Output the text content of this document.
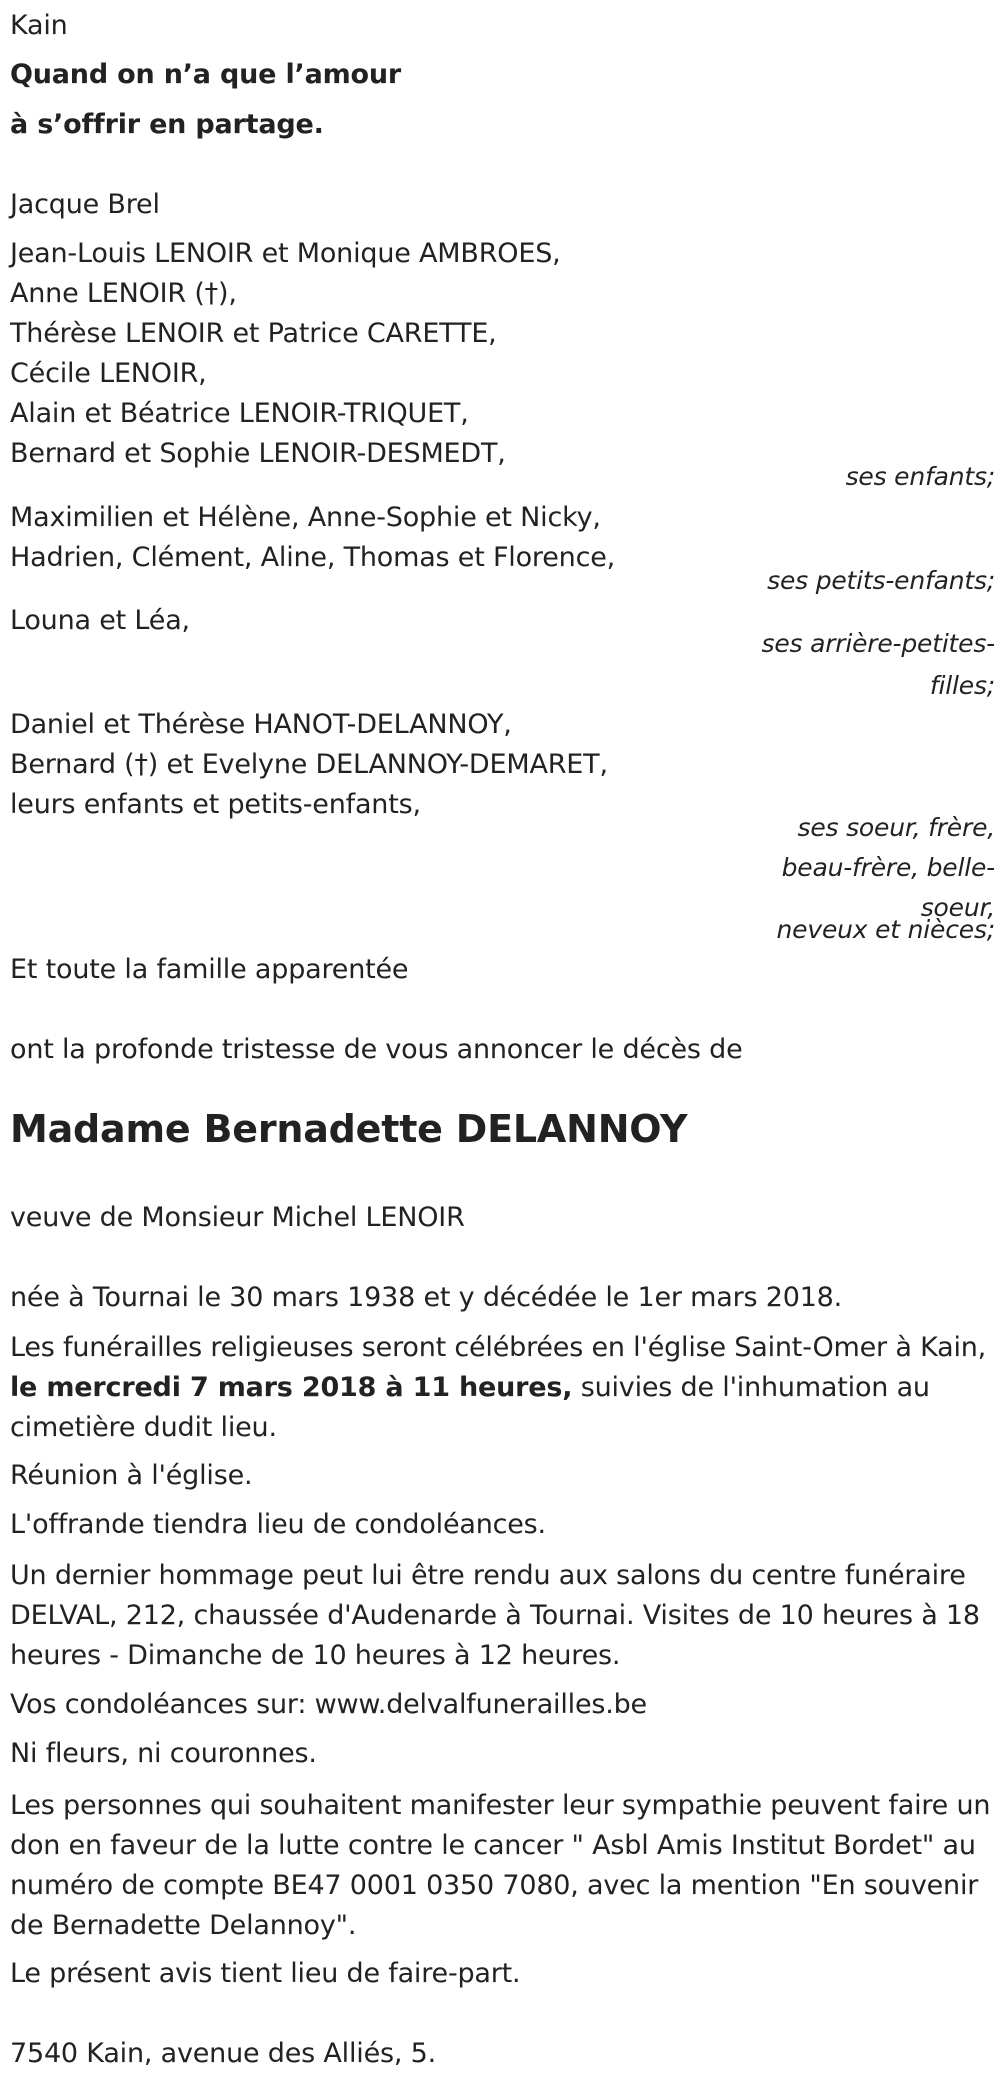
Kain
Quand on n’a que l’amour
à s’offrir en partage.
Jacque Brel
Jean-Louis LENOIR et Monique AMBROES,
Anne LENOIR (†),
Thérèse LENOIR et Patrice CARETTE,
Cécile LENOIR,
Alain et Béatrice LENOIR-TRIQUET,
Bernard et Sophie LENOIR-DESMEDT,
ses enfants;
Maximilien et Hélène, Anne-Sophie et Nicky,
Hadrien, Clément, Aline, Thomas et Florence,
ses petits-enfants;
Louna et Léa,
ses arrière-petites-
filles;
Daniel et Thérèse HANOT-DELANNOY,
Bernard (†) et Evelyne DELANNOY-DEMARET,
leurs enfants et petits-enfants,
ses soeur, frère,
beau-frère, belle-
soeur,
neveux et nièces;
Et toute la famille apparentée
ont la profonde tristesse de vous annoncer le décès de
Madame Bernadette DELANNOY
veuve de Monsieur Michel LENOIR
née à Tournai le 30 mars 1938 et y décédée le 1er mars 2018.
Les funérailles religieuses seront célébrées en l'église Saint-Omer à Kain,
le mercredi 7 mars 2018 à 11 heures, suivies de l'inhumation au cimetière dudit lieu.
Réunion à l'église.
L'offrande tiendra lieu de condoléances.
Un dernier hommage peut lui être rendu aux salons du centre funéraire DELVAL, 212, chaussée d'Audenarde à Tournai. Visites de 10 heures à 18 heures - Dimanche de 10 heures à 12 heures.
Vos condoléances sur: www.delvalfunerailles.be
Ni fleurs, ni couronnes.
Les personnes qui souhaitent manifester leur sympathie peuvent faire un don en faveur de la lutte contre le cancer " Asbl Amis Institut Bordet" au numéro de compte BE47 0001 0350 7080, avec la mention "En souvenir de Bernadette Delannoy".
Le présent avis tient lieu de faire-part.
7540 Kain, avenue des Alliés, 5.
